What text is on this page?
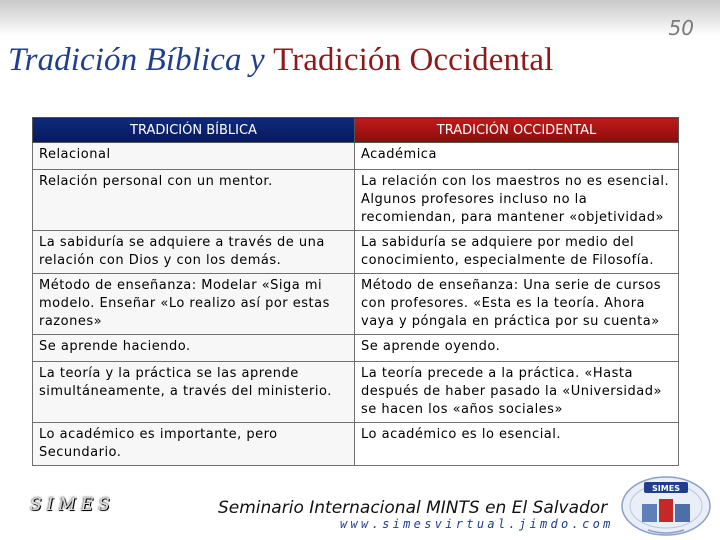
50
Tradición Bíblica y Tradición Occidental
TRADICIÓN BÍBLICA	TRADICIÓN OCCIDENTAL
Relacional	Académica
Relación personal con un mentor.	La relación con los maestros no es esencial. Algunos profesores incluso no la recomiendan, para mantener «objetividad»
La sabiduría se adquiere a través de una relación con Dios y con los demás.	La sabiduría se adquiere por medio del conocimiento, especialmente de Filosofía.
Método de enseñanza: Modelar «Siga mi modelo. Enseñar «Lo realizo así por estas razones»	Método de enseñanza: Una serie de cursos con profesores. «Esta es la teoría. Ahora vaya y póngala en práctica por su cuenta»
Se aprende haciendo.	Se aprende oyendo.
La teoría y la práctica se las aprende simultáneamente, a través del ministerio.	La teoría precede a la práctica. «Hasta después de haber pasado la «Universidad» se hacen los «años sociales»
Lo académico es importante, pero Secundario.	Lo académico es lo esencial.
SIMES	Seminario Internacional MINTS en El Salvador
www.simesvirtual.jimdo.com
SIMES
